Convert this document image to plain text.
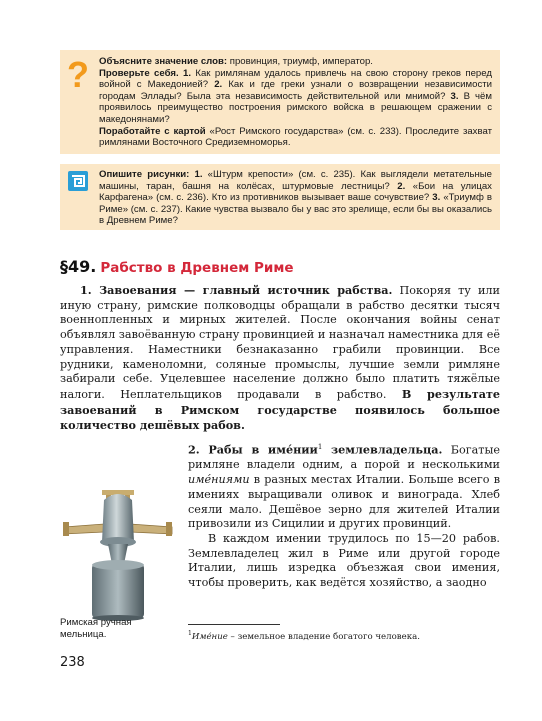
? Объясните значение слов: провинция, триумф, император.

Проверьте себя. 1. Как римлянам удалось привлечь на свою сторону греков перед войной с Македонией? 2. Как и где греки узнали о возвращении независимости городам Эллады? Была эта независимость действительной или мнимой? 3. В чём проявилось преимущество построения римского войска в решающем сражении с македонянами?

Поработайте с картой «Рост Римского государства» (см. с. 233). Проследите захват римлянами Восточного Средиземноморья.

Опишите рисунки: 1. «Штурм крепости» (см. с. 235). Как выглядели метательные машины, таран, башня на колёсах, штурмовые лестницы? 2. «Бои на улицах Карфагена» (см. с. 236). Кто из противников вызывает ваше сочувствие? 3. «Триумф в Риме» (см. с. 237). Какие чувства вызвало бы у вас это зрелище, если бы вы оказались в Древнем Риме?

§49. Рабство в Древнем Риме

1. Завоевания — главный источник рабства. Покоряя ту или иную страну, римские полководцы обращали в рабство десятки тысяч военнопленных и мирных жителей. После окончания войны сенат объявлял завоёванную страну провинцией и назначал наместника для её управления. Наместники безнаказанно грабили провинции. Все рудники, каменоломни, соляные промыслы, лучшие земли римляне забирали себе. Уцелевшее население должно было платить тяжёлые налоги. Неплательщиков продавали в рабство. В результате завоеваний в Римском государстве появилось большое количество дешёвых рабов.

2. Рабы в име́нии$^1$ землевладельца. Богатые римляне владели одним, а порой и несколькими име́ниями в разных местах Италии. Больше всего в имениях выращивали оливок и винограда. Хлеб сеяли мало. Дешёвое зерно для жителей Италии привозили из Сицилии и других провинций.

В каждом имении трудилось по 15—20 рабов. Землевладелец жил в Риме или другой городе Италии, лишь изредка объезжая свои имения, чтобы проверить, как ведётся хозяйство, а заодно

Римская ручная мельница.	$^1$Име́ние – земельное владение богатого человека.
238
